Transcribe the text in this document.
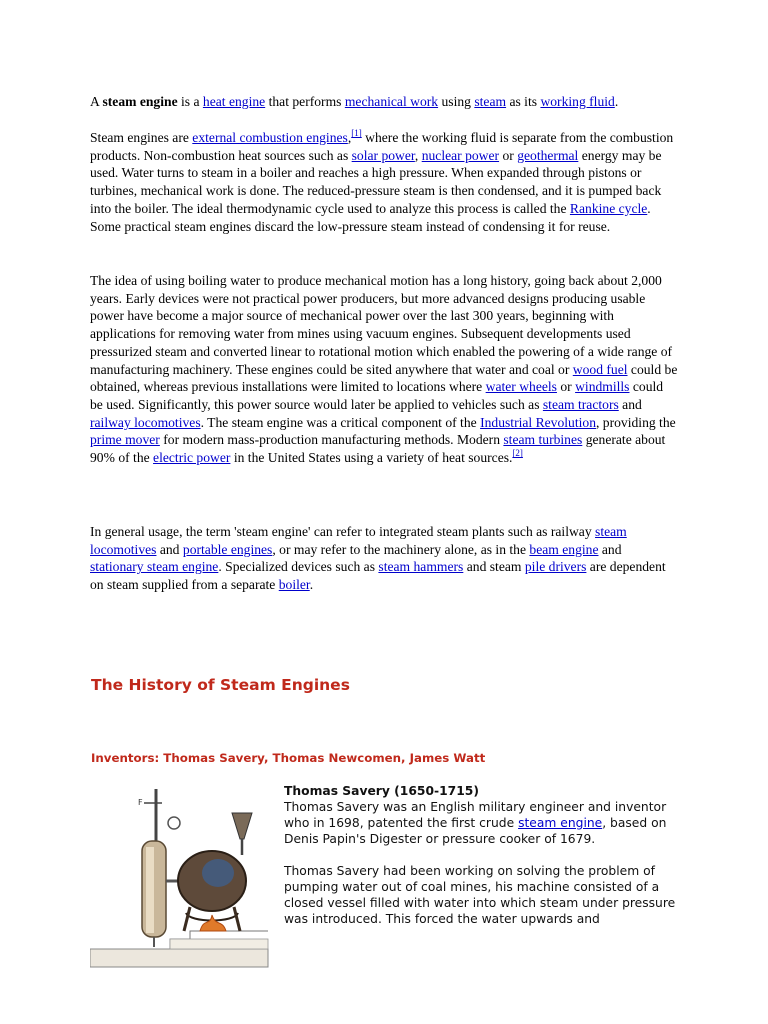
A steam engine is a heat engine that performs mechanical work using steam as its working fluid.

Steam engines are external combustion engines,[1] where the working fluid is separate from the combustion products. Non-combustion heat sources such as solar power, nuclear power or geothermal energy may be used. Water turns to steam in a boiler and reaches a high pressure. When expanded through pistons or turbines, mechanical work is done. The reduced-pressure steam is then condensed, and it is pumped back into the boiler. The ideal thermodynamic cycle used to analyze this process is called the Rankine cycle. Some practical steam engines discard the low-pressure steam instead of condensing it for reuse.

The idea of using boiling water to produce mechanical motion has a long history, going back about 2,000 years. Early devices were not practical power producers, but more advanced designs producing usable power have become a major source of mechanical power over the last 300 years, beginning with applications for removing water from mines using vacuum engines. Subsequent developments used pressurized steam and converted linear to rotational motion which enabled the powering of a wide range of manufacturing machinery. These engines could be sited anywhere that water and coal or wood fuel could be obtained, whereas previous installations were limited to locations where water wheels or windmills could be used. Significantly, this power source would later be applied to vehicles such as steam tractors and railway locomotives. The steam engine was a critical component of the Industrial Revolution, providing the prime mover for modern mass-production manufacturing methods. Modern steam turbines generate about 90% of the electric power in the United States using a variety of heat sources.[2]

In general usage, the term 'steam engine' can refer to integrated steam plants such as railway steam locomotives and portable engines, or may refer to the machinery alone, as in the beam engine and stationary steam engine. Specialized devices such as steam hammers and steam pile drivers are dependent on steam supplied from a separate boiler.

The History of Steam Engines
Inventors: Thomas Savery, Thomas Newcomen, James Watt
F

Thomas Savery (1650-1715)

Thomas Savery was an English military engineer and inventor who in 1698, patented the first crude steam engine, based on Denis Papin's Digester or pressure cooker of 1679.

Thomas Savery had been working on solving the problem of pumping water out of coal mines, his machine consisted of a closed vessel filled with water into which steam under pressure was introduced. This forced the water upwards and
